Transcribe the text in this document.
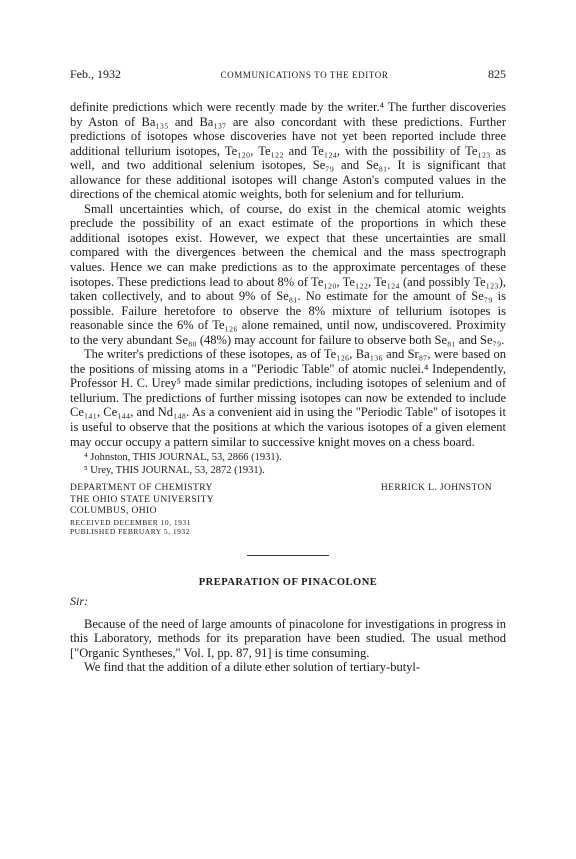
Feb., 1932	COMMUNICATIONS TO THE EDITOR	825

definite predictions which were recently made by the writer.⁴ The further discoveries by Aston of Ba₁₃₅ and Ba₁₃₇ are also concordant with these predictions. Further predictions of isotopes whose discoveries have not yet been reported include three additional tellurium isotopes, Te₁₂₀, Te₁₂₂ and Te₁₂₄, with the possibility of Te₁₂₃ as well, and two additional selenium isotopes, Se₇₉ and Se₈₁. It is significant that allowance for these additional isotopes will change Aston's computed values in the directions of the chemical atomic weights, both for selenium and for tellurium.

Small uncertainties which, of course, do exist in the chemical atomic weights preclude the possibility of an exact estimate of the proportions in which these additional isotopes exist. However, we expect that these uncertainties are small compared with the divergences between the chemical and the mass spectrograph values. Hence we can make predictions as to the approximate percentages of these isotopes. These predictions lead to about 8% of Te₁₂₀, Te₁₂₂, Te₁₂₄ (and possibly Te₁₂₃), taken collectively, and to about 9% of Se₈₁. No estimate for the amount of Se₇₉ is possible. Failure heretofore to observe the 8% mixture of tellurium isotopes is reasonable since the 6% of Te₁₂₆ alone remained, until now, undiscovered. Proximity to the very abundant Se₈₀ (48%) may account for failure to observe both Se₈₁ and Se₇₉.

The writer's predictions of these isotopes, as of Te₁₂₆, Ba₁₃₆ and Sr₈₇, were based on the positions of missing atoms in a "Periodic Table" of atomic nuclei.⁴ Independently, Professor H. C. Urey⁵ made similar predictions, including isotopes of selenium and of tellurium. The predictions of further missing isotopes can now be extended to include Ce₁₄₁, Ce₁₄₄, and Nd₁₄₈. As a convenient aid in using the "Periodic Table" of isotopes it is useful to observe that the positions at which the various isotopes of a given element may occur occupy a pattern similar to successive knight moves on a chess board.

⁴ Johnston, THIS JOURNAL, 53, 2866 (1931).
⁵ Urey, THIS JOURNAL, 53, 2872 (1931).
DEPARTMENT OF CHEMISTRY
THE OHIO STATE UNIVERSITY
COLUMBUS, OHIO
RECEIVED DECEMBER 10, 1931
PUBLISHED FEBRUARY 5, 1932
HERRICK L. JOHNSTON
PREPARATION OF PINACOLONE
Sir:

Because of the need of large amounts of pinacolone for investigations in progress in this Laboratory, methods for its preparation have been studied. The usual method ["Organic Syntheses," Vol. I, pp. 87, 91] is time consuming.

We find that the addition of a dilute ether solution of tertiary-butyl-
